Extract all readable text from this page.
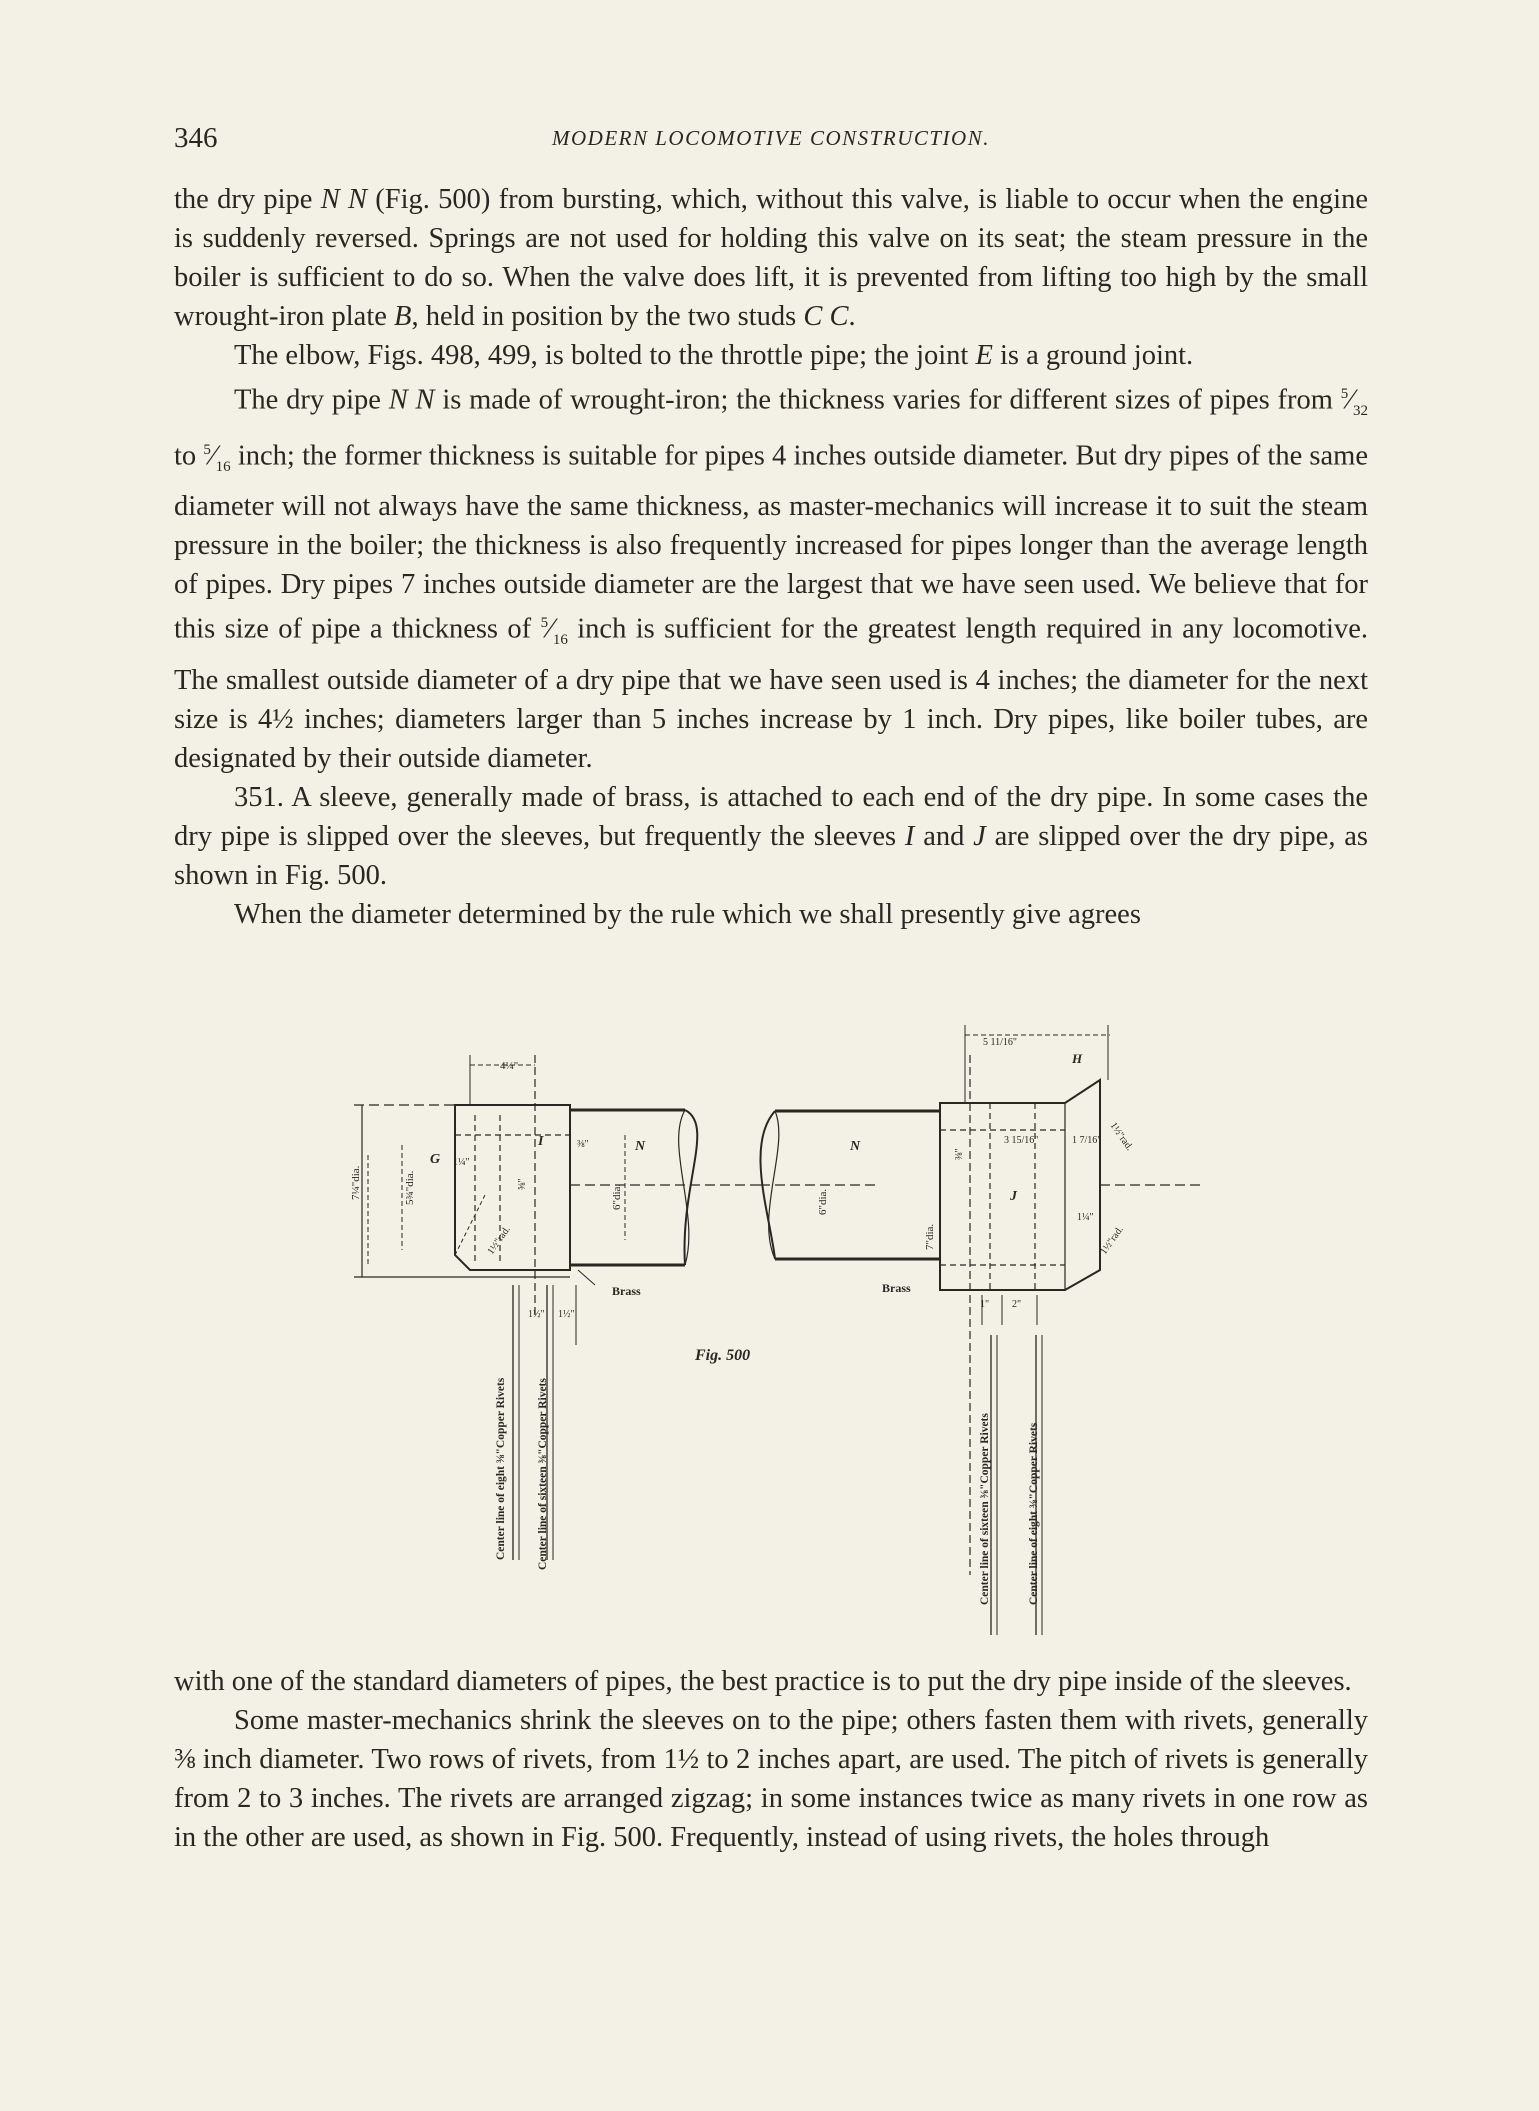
346	MODERN LOCOMOTIVE CONSTRUCTION.

the dry pipe N N (Fig. 500) from bursting, which, without this valve, is liable to occur when the engine is suddenly reversed. Springs are not used for holding this valve on its seat; the steam pressure in the boiler is sufficient to do so. When the valve does lift, it is prevented from lifting too high by the small wrought-iron plate B, held in position by the two studs C C.

The elbow, Figs. 498, 499, is bolted to the throttle pipe; the joint E is a ground joint.

The dry pipe N N is made of wrought-iron; the thickness varies for different sizes of pipes from $^5⁄_{32}$ to $^5⁄_{16}$ inch; the former thickness is suitable for pipes 4 inches outside diameter. But dry pipes of the same diameter will not always have the same thickness, as master-mechanics will increase it to suit the steam pressure in the boiler; the thickness is also frequently increased for pipes longer than the average length of pipes. Dry pipes 7 inches outside diameter are the largest that we have seen used. We believe that for this size of pipe a thickness of $^5⁄_{16}$ inch is sufficient for the greatest length required in any locomotive. The smallest outside diameter of a dry pipe that we have seen used is 4 inches; the diameter for the next size is 4½ inches; diameters larger than 5 inches increase by 1 inch. Dry pipes, like boiler tubes, are designated by their outside diameter.

351. A sleeve, generally made of brass, is attached to each end of the dry pipe. In some cases the dry pipe is slipped over the sleeves, but frequently the sleeves I and J are slipped over the dry pipe, as shown in Fig. 500.

When the diameter determined by the rule which we shall presently give agrees

4¼"
7¼"dia.	5¾"dia.
G 1¼"
I
⅝"
⅜"	N
6"dia.
1½"rad.
Brass
1½" 1½"
Center line of eight ⅜"Copper Rivets	Center line of sixteen ⅜"Copper Rivets
Fig. 500
5 11/16"
H
N
6"dia.
7"dia.
3 15/16"	1 7/16"
1¼"
⅜"
J
1½"rad.
1½"rad.
Brass
1" 2"
Center line of sixteen ⅜"Copper Rivets	Center line of eight ⅜"Copper Rivets

with one of the standard diameters of pipes, the best practice is to put the dry pipe inside of the sleeves.

Some master-mechanics shrink the sleeves on to the pipe; others fasten them with rivets, generally ⅜ inch diameter. Two rows of rivets, from 1½ to 2 inches apart, are used. The pitch of rivets is generally from 2 to 3 inches. The rivets are arranged zigzag; in some instances twice as many rivets in one row as in the other are used, as shown in Fig. 500. Frequently, instead of using rivets, the holes through
